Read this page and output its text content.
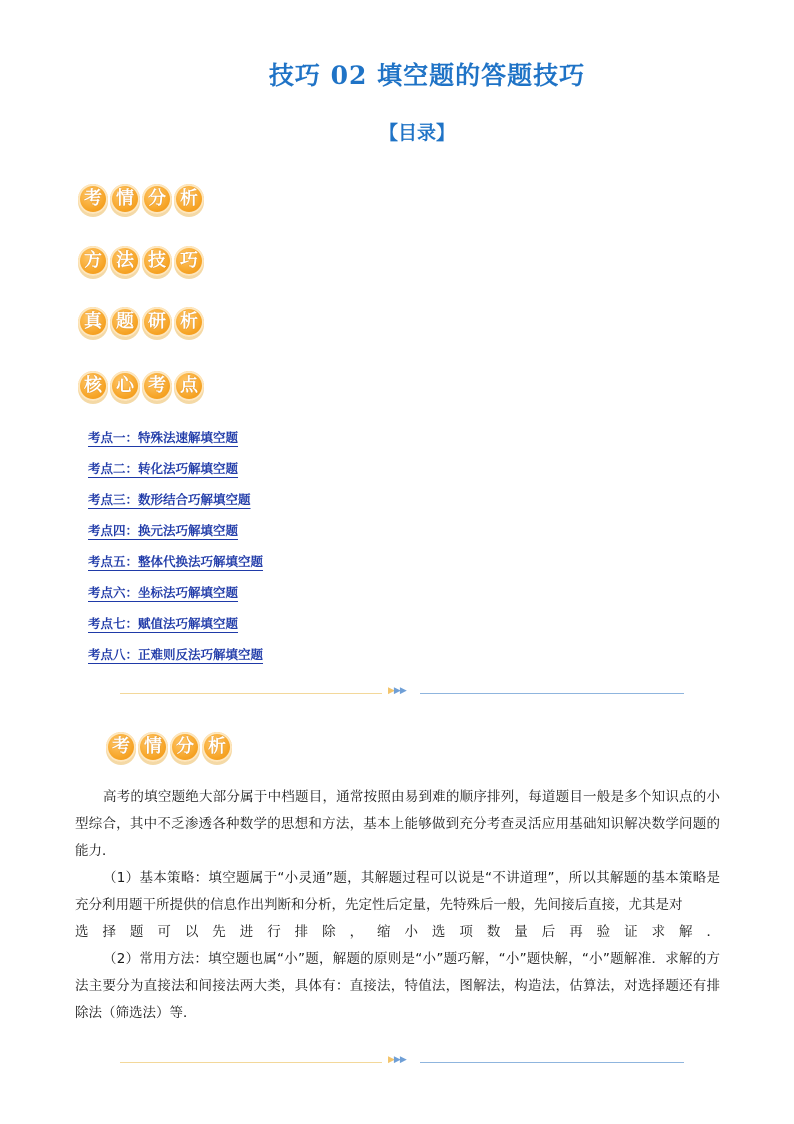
技巧 02 填空题的答题技巧
【目录】
考 情 分 析
方 法 技 巧
真 题 研 析
核 心 考 点
考点一：特殊法速解填空题
考点二：转化法巧解填空题
考点三：数形结合巧解填空题
考点四：换元法巧解填空题
考点五：整体代换法巧解填空题
考点六：坐标法巧解填空题
考点七：赋值法巧解填空题
考点八：正难则反法巧解填空题
▶▶▶
考 情 分 析
高考的填空题绝大部分属于中档题目，通常按照由易到难的顺序排列，每道题目一般是多个知识点的小型综合，其中不乏渗透各种数学的思想和方法，基本上能够做到充分考查灵活应用基础知识解决数学问题的能力．
（1）基本策略：填空题属于“小灵通”题，其解题过程可以说是“不讲道理”，所以其解题的基本策略是充分利用题干所提供的信息作出判断和分析，先定性后定量，先特殊后一般，先间接后直接，尤其是对
选择题可以先进行排除，缩小选项数量后再验证求解．
（2）常用方法：填空题也属“小”题，解题的原则是“小”题巧解，“小”题快解，“小”题解准．求解的方法主要分为直接法和间接法两大类，具体有：直接法，特值法，图解法，构造法，估算法，对选择题还有排除法（筛选法）等．
▶▶▶
